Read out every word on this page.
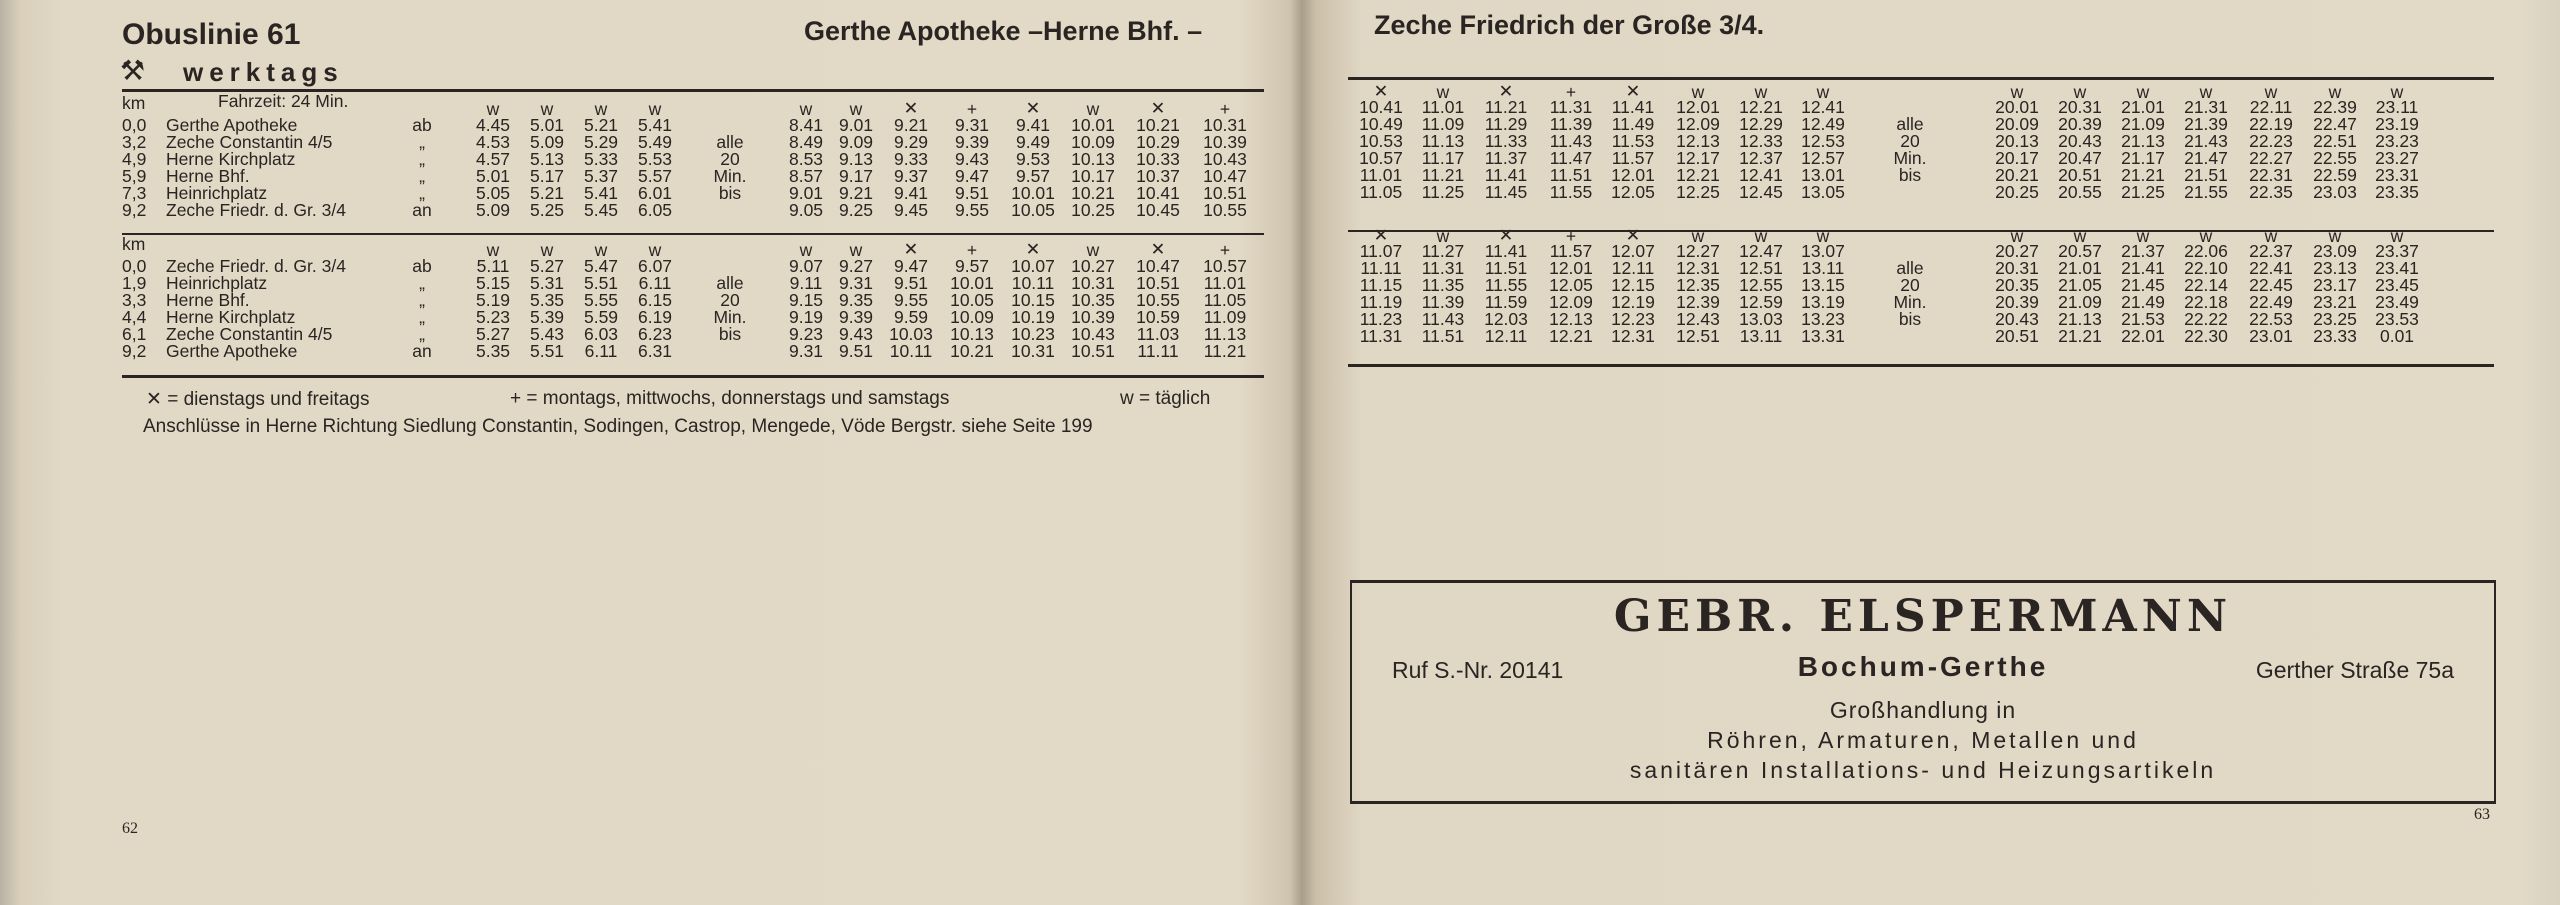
Obuslinie 61	Gerthe Apotheke –Herne Bhf. –
⚒ werktags
km	Fahrzeit: 24 Min.	w	w	w	w	w	w	✕	+	✕	w	✕	+
0,0 Gerthe Apotheke	ab	4.45	5.01	5.21	5.41	8.41 9.01	9.21	9.31	9.41	10.01	10.21	10.31
3,2 Zeche Constantin 4/5	„	4.53	5.09	5.29	5.49	8.49 9.09	9.29	9.39	9.49	10.09	10.29	10.39
4,9 Herne Kirchplatz	„	4.57	5.13	5.33	5.53	8.53 9.13	9.33	9.43	9.53	10.13	10.33	10.43
5,9 Herne Bhf.	„	5.01	5.17	5.37	5.57	8.57 9.17	9.37	9.47	9.57	10.17	10.37	10.47
7,3 Heinrichplatz	„	5.05	5.21	5.41	6.01	9.01 9.21	9.41	9.51	10.01 10.21	10.41	10.51
9,2 Zeche Friedr. d. Gr. 3/4	an	5.09	5.25	5.45	6.05	9.05 9.25	9.45	9.55	10.05 10.25	10.45	10.55
alle
20
Min.
bis
km	w	w	w	w	w	w	✕	+	✕	w	✕	+
0,0 Zeche Friedr. d. Gr. 3/4	ab	5.11	5.27	5.47	6.07	9.07 9.27	9.47	9.57	10.07 10.27	10.47	10.57
1,9 Heinrichplatz	„	5.15	5.31	5.51	6.11	9.11 9.31	9.51	10.01	10.11 10.31	10.51	11.01
3,3 Herne Bhf.	„	5.19	5.35	5.55	6.15	9.15 9.35	9.55	10.05 10.15 10.35	10.55	11.05
4,4 Herne Kirchplatz	„	5.23	5.39	5.59	6.19	9.19 9.39	9.59	10.09 10.19 10.39	10.59	11.09
6,1 Zeche Constantin 4/5	„	5.27	5.43	6.03	6.23	9.23 9.43 10.03 10.13 10.23 10.43	11.03	11.13
9,2 Gerthe Apotheke	an	5.35	5.51	6.11	6.31	9.31 9.51 10.11	10.21 10.31 10.51	11.11	11.21
alle
20
Min.
bis
✕ = dienstags und freitags	+ = montags, mittwochs, donnerstags und samstags	w = täglich
Anschlüsse in Herne Richtung Siedlung Constantin, Sodingen, Castrop, Mengede, Vöde Bergstr. siehe Seite 199
62
Zeche Friedrich der Große 3/4.
✕	w	✕	+	✕	w	w	w	w	w	w	w	w	w	w
10.41	11.01	11.21	11.31	11.41	12.01	12.21	12.41	20.01	20.31	21.01	21.31	22.11	22.39	23.11
10.49	11.09	11.29	11.39	11.49	12.09	12.29	12.49	20.09	20.39	21.09	21.39	22.19	22.47	23.19
10.53	11.13	11.33	11.43	11.53	12.13	12.33	12.53	20.13	20.43	21.13	21.43	22.23	22.51	23.23
10.57	11.17	11.37	11.47	11.57	12.17	12.37	12.57	20.17	20.47	21.17	21.47	22.27	22.55	23.27
11.01	11.21	11.41	11.51	12.01	12.21	12.41	13.01	20.21	20.51	21.21	21.51	22.31	22.59	23.31
11.05	11.25	11.45	11.55	12.05	12.25	12.45	13.05	20.25	20.55	21.25	21.55	22.35	23.03	23.35
alle
20
Min.
bis
✕	w	✕	+	✕	w	w	w	w	w	w	w	w	w	w
11.07	11.27	11.41	11.57	12.07	12.27	12.47	13.07	20.27	20.57	21.37	22.06	22.37	23.09	23.37
11.11	11.31	11.51	12.01	12.11	12.31	12.51	13.11	20.31	21.01	21.41	22.10	22.41	23.13	23.41
11.15	11.35	11.55	12.05	12.15	12.35	12.55	13.15	20.35	21.05	21.45	22.14	22.45	23.17	23.45
11.19	11.39	11.59	12.09	12.19	12.39	12.59	13.19	20.39	21.09	21.49	22.18	22.49	23.21	23.49
11.23	11.43	12.03	12.13	12.23	12.43	13.03	13.23	20.43	21.13	21.53	22.22	22.53	23.25	23.53
11.31	11.51	12.11	12.21	12.31	12.51	13.11	13.31	20.51	21.21	22.01	22.30	23.01	23.33	0.01
alle
20
Min.
bis
GEBR. ELSPERMANN
Ruf S.-Nr. 20141	Bochum-Gerthe	Gerther Straße 75a
Großhandlung in
Röhren, Armaturen, Metallen und
sanitären Installations- und Heizungsartikeln
63
